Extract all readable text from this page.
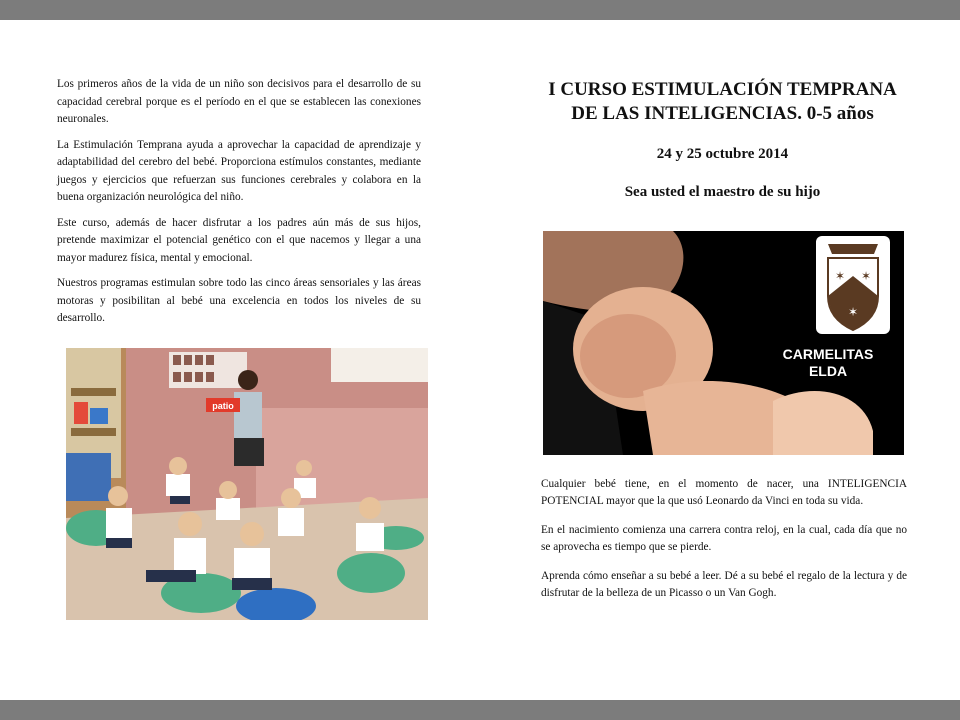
Los primeros años de la vida de un niño son decisivos para el desarrollo de su capacidad cerebral porque es el período en el que se establecen las conexiones neuronales.

La Estimulación Temprana ayuda a aprovechar la capacidad de aprendizaje y adaptabilidad del cerebro del bebé. Proporciona estímulos constantes, mediante juegos y ejercicios que refuerzan sus funciones cerebrales y colabora en la buena organización neurológica del niño.

Este curso, además de hacer disfrutar a los padres aún más de sus hijos, pretende maximizar el potencial genético con el que nacemos y llegar a una mayor madurez física, mental y emocional.

Nuestros programas estimulan sobre todo las cinco áreas sensoriales y las áreas motoras y posibilitan al bebé una excelencia en todos los niveles de su desarrollo.

patio
I CURSO ESTIMULACIÓN TEMPRANA
DE LAS INTELIGENCIAS. 0-5 años
24 y 25 octubre 2014
Sea usted el maestro de su hijo
✶ ✶
✶
CARMELITAS
ELDA

Cualquier bebé tiene, en el momento de nacer, una INTELIGENCIA POTENCIAL mayor que la que usó Leonardo da Vinci en toda su vida.

En el nacimiento comienza una carrera contra reloj, en la cual, cada día que no se aprovecha es tiempo que se pierde.

Aprenda cómo enseñar a su bebé a leer. Dé a su bebé el regalo de la lectura y de disfrutar de la belleza de un Picasso o un Van Gogh.
